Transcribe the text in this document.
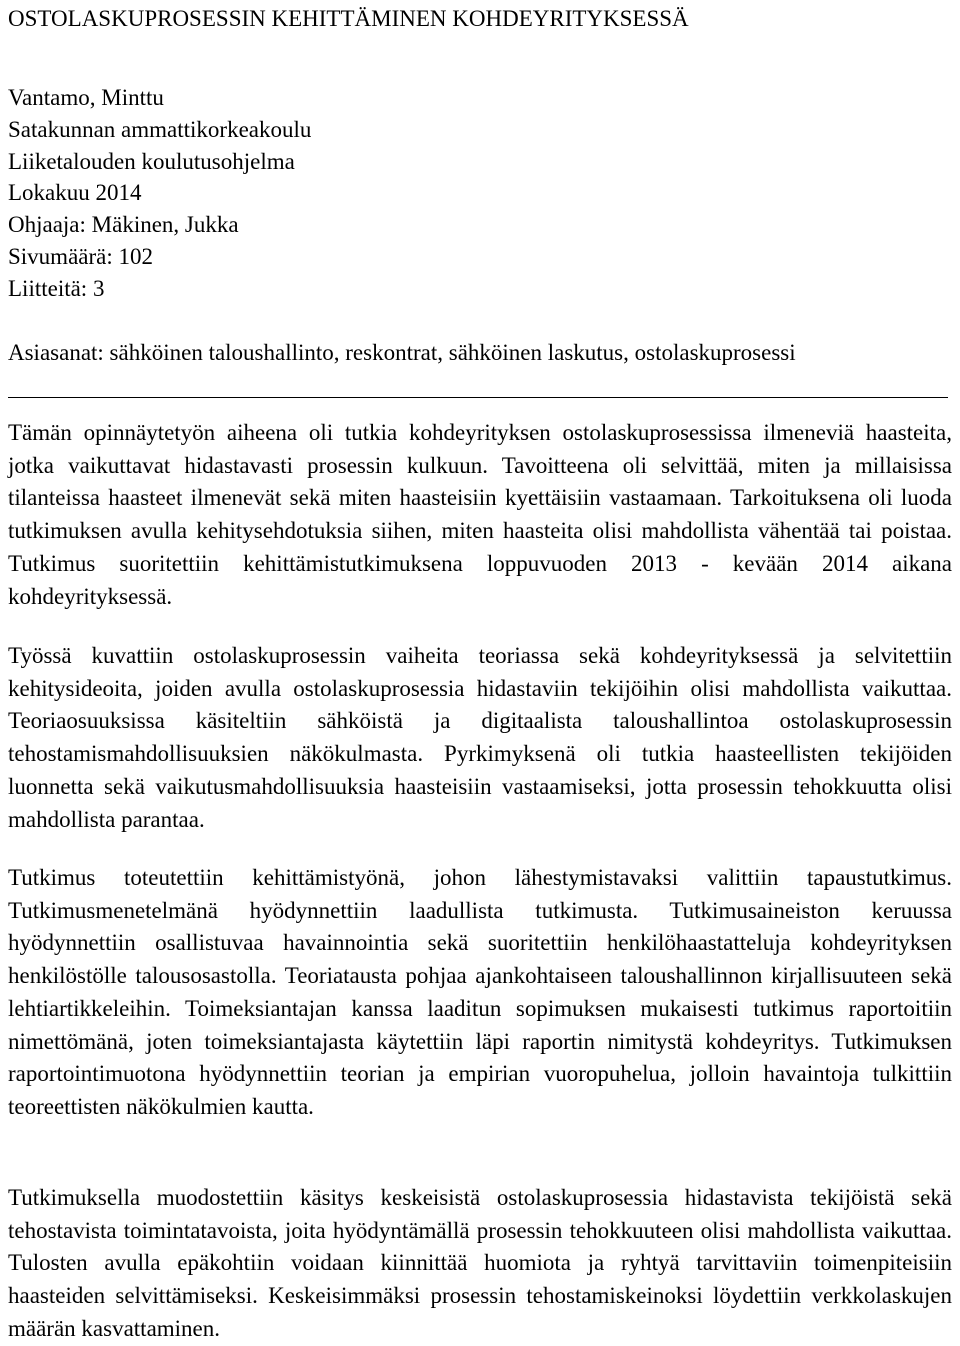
OSTOLASKUPROSESSIN KEHITTÄMINEN KOHDEYRITYKSESSÄ
Vantamo, Minttu
Satakunnan ammattikorkeakoulu
Liiketalouden koulutusohjelma
Lokakuu 2014
Ohjaaja: Mäkinen, Jukka
Sivumäärä: 102
Liitteitä: 3
Asiasanat: sähköinen taloushallinto, reskontrat, sähköinen laskutus, ostolaskuprosessi

Tämän opinnäytetyön aiheena oli tutkia kohdeyrityksen ostolaskuprosessissa ilmeneviä haasteita, jotka vaikuttavat hidastavasti prosessin kulkuun. Tavoitteena oli selvittää, miten ja millaisissa tilanteissa haasteet ilmenevät sekä miten haasteisiin kyettäisiin vastaamaan. Tarkoituksena oli luoda tutkimuksen avulla kehitysehdotuksia siihen, miten haasteita olisi mahdollista vähentää tai poistaa. Tutkimus suoritettiin kehittämistutkimuksena loppuvuoden 2013 - kevään 2014 aikana kohdeyrityksessä.

Työssä kuvattiin ostolaskuprosessin vaiheita teoriassa sekä kohdeyrityksessä ja selvitettiin kehitysideoita, joiden avulla ostolaskuprosessia hidastaviin tekijöihin olisi mahdollista vaikuttaa. Teoriaosuuksissa käsiteltiin sähköistä ja digitaalista taloushallintoa ostolaskuprosessin tehostamismahdollisuuksien näkökulmasta. Pyrkimyksenä oli tutkia haasteellisten tekijöiden luonnetta sekä vaikutusmahdollisuuksia haasteisiin vastaamiseksi, jotta prosessin tehokkuutta olisi mahdollista parantaa.

Tutkimus toteutettiin kehittämistyönä, johon lähestymistavaksi valittiin tapaustutkimus. Tutkimusmenetelmänä hyödynnettiin laadullista tutkimusta. Tutkimusaineiston keruussa hyödynnettiin osallistuvaa havainnointia sekä suoritettiin henkilöhaastatteluja kohdeyrityksen henkilöstölle talousosastolla. Teoriatausta pohjaa ajankohtaiseen taloushallinnon kirjallisuuteen sekä lehtiartikkeleihin. Toimeksiantajan kanssa laaditun sopimuksen mukaisesti tutkimus raportoitiin nimettömänä, joten toimeksiantajasta käytettiin läpi raportin nimitystä kohdeyritys. Tutkimuksen raportointimuotona hyödynnettiin teorian ja empirian vuoropuhelua, jolloin havaintoja tulkittiin teoreettisten näkökulmien kautta.

Tutkimuksella muodostettiin käsitys keskeisistä ostolaskuprosessia hidastavista tekijöistä sekä tehostavista toimintatavoista, joita hyödyntämällä prosessin tehokkuuteen olisi mahdollista vaikuttaa. Tulosten avulla epäkohtiin voidaan kiinnittää huomiota ja ryhtyä tarvittaviin toimenpiteisiin haasteiden selvittämiseksi. Keskeisimmäksi prosessin tehostamiskeinoksi löydettiin verkkolaskujen määrän kasvattaminen.
